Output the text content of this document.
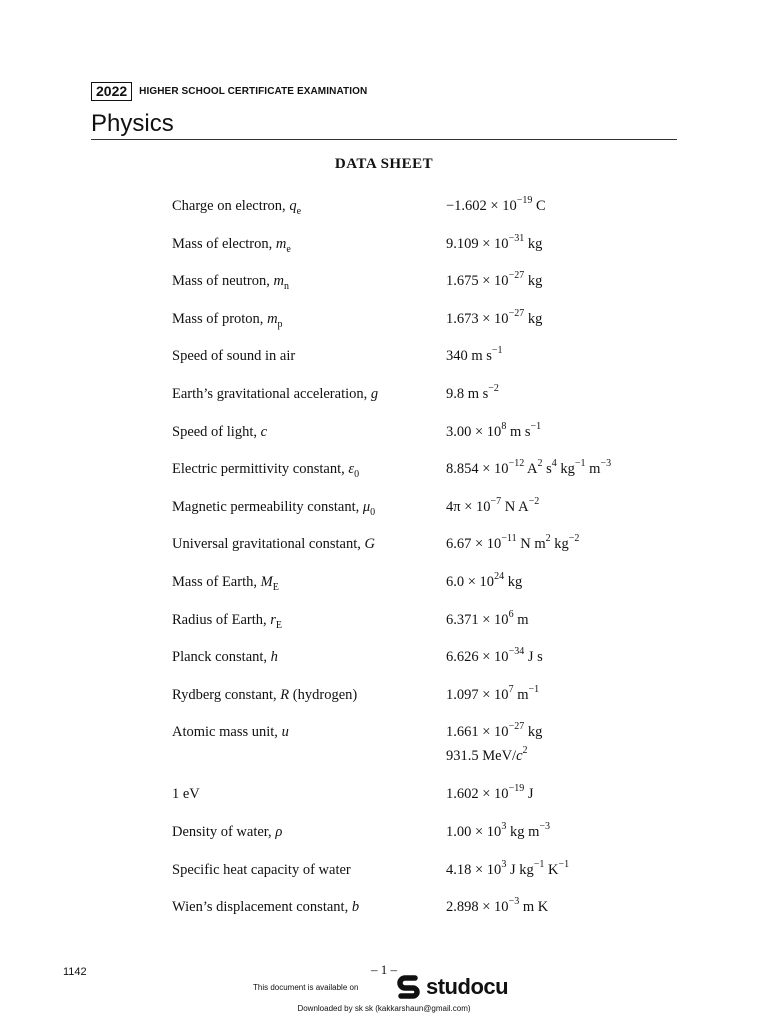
2022	HIGHER SCHOOL CERTIFICATE EXAMINATION
Physics
DATA SHEET
Charge on electron, $q_e$	$-1.602 \times 10^{-19}$ C
Mass of electron, $m_e$	$9.109 \times 10^{-31}$ kg
Mass of neutron, $m_n$	$1.675 \times 10^{-27}$ kg
Mass of proton, $m_p$	$1.673 \times 10^{-27}$ kg
Speed of sound in air	340 m $s^{-1}$
Earth’s gravitational acceleration, g	9.8 m $s^{-2}$
Speed of light, c	$3.00 \times 10^8$ m $s^{-1}$
Electric permittivity constant, $\varepsilon_0$	$8.854 \times 10^{-12}$ $A^2$ $s^4$ $kg^{-1}$ $m^{-3}$
Magnetic permeability constant, $\mu_0$	$4\pi \times 10^{-7}$ N $A^{-2}$
Universal gravitational constant, G	$6.67 \times 10^{-11}$ N $m^2$ $kg^{-2}$
Mass of Earth, $M_E$	$6.0 \times 10^{24}$ kg
Radius of Earth, $r_E$	$6.371 \times 10^6$ m
Planck constant, h	$6.626 \times 10^{-34}$ J s
Rydberg constant, R (hydrogen)	$1.097 \times 10^7$ $m^{-1}$
Atomic mass unit, u	$1.661 \times 10^{-27}$ kg
931.5 MeV/$c^2$
1 eV	$1.602 \times 10^{-19}$ J
Density of water, ρ	$1.00 \times 10^3$ kg $m^{-3}$
Specific heat capacity of water	$4.18 \times 10^3$ J $kg^{-1}$ $K^{-1}$
Wien’s displacement constant, b	$2.898 \times 10^{-3}$ m K
1142	– 1 –
This document is available on	studocu
Downloaded by sk sk (kakkarshaun@gmail.com)
